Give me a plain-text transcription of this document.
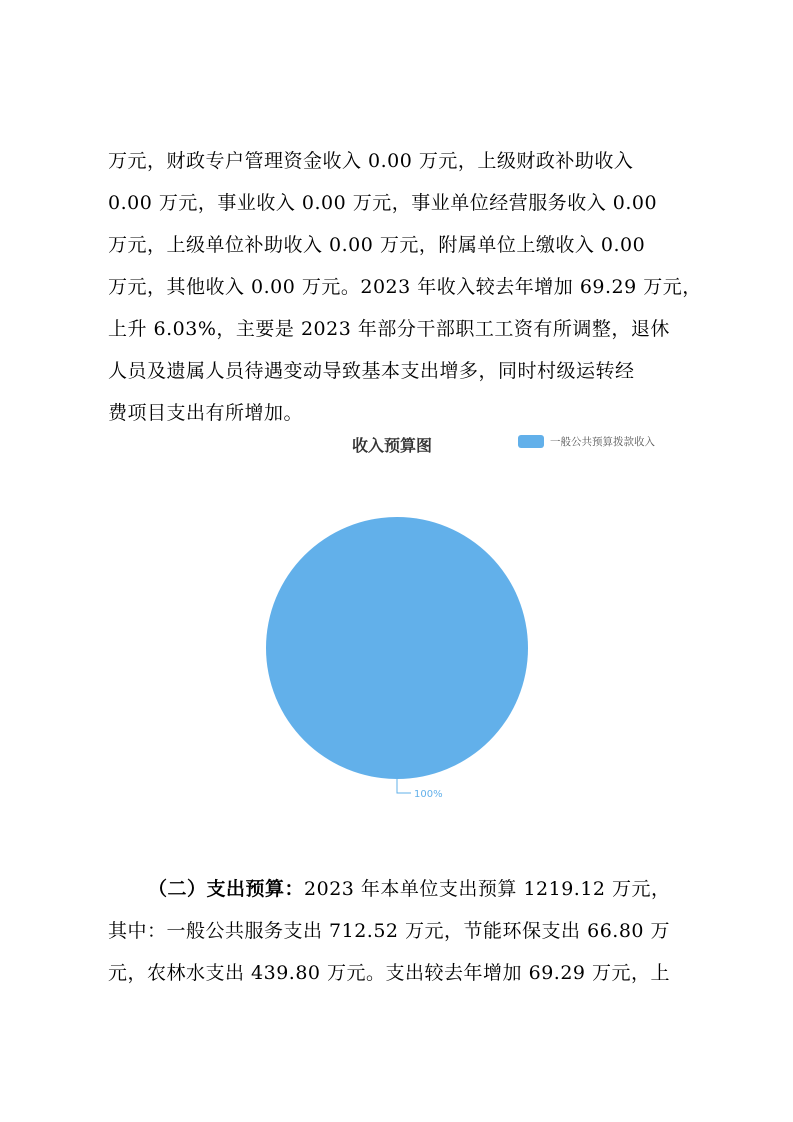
万元，财政专户管理资金收入 0.00 万元，上级财政补助收入
0.00 万元，事业收入 0.00 万元，事业单位经营服务收入 0.00
万元，上级单位补助收入 0.00 万元，附属单位上缴收入 0.00
万元，其他收入 0.00 万元。2023 年收入较去年增加 69.29 万元，
上升 6.03%，主要是 2023 年部分干部职工工资有所调整，退休
人员及遗属人员待遇变动导致基本支出增多，同时村级运转经
费项目支出有所增加。
收入预算图	一般公共预算拨款收入
100%
（二）支出预算：2023 年本单位支出预算 1219.12 万元，
其中：一般公共服务支出 712.52 万元，节能环保支出 66.80 万
元，农林水支出 439.80 万元。支出较去年增加 69.29 万元，上
